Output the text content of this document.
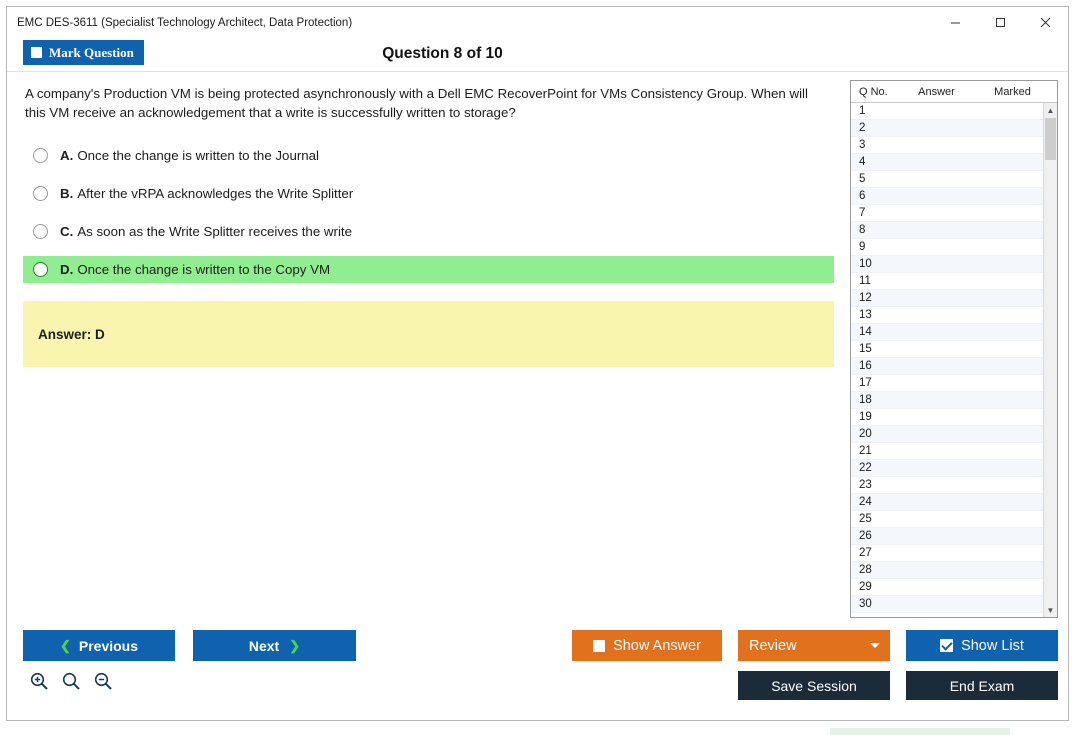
EMC DES-3611 (Specialist Technology Architect, Data Protection)
Mark Question	Question 8 of 10
A company's Production VM is being protected asynchronously with a Dell EMC RecoverPoint for VMs Consistency Group. When will this VM receive an acknowledgement that a write is successfully written to storage?
A. Once the change is written to the Journal
B. After the vRPA acknowledges the Write Splitter
C. As soon as the Write Splitter receives the write
D. Once the change is written to the Copy VM
Answer: D
Q No.	Answer	Marked
1
2
3
4
5
6
7
8
9
10
11
12
13
14
15
16
17
18
19
20
21
22
23
24
25
26
27
28
29
30
▲
▼
❮ Previous	Next ❯	Show Answer	Review	Show List
Save Session	End Exam
